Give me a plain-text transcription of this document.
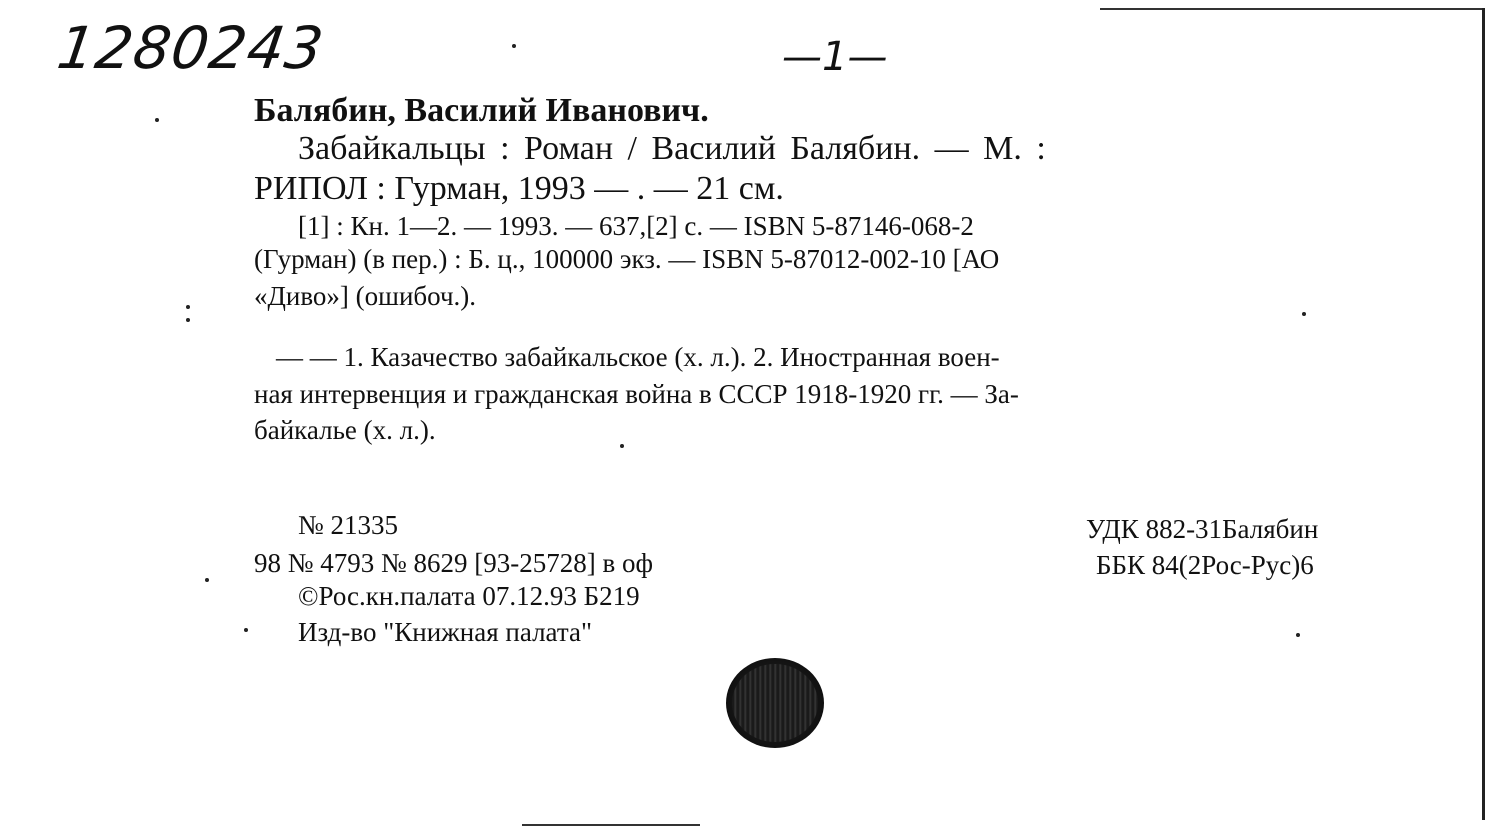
1280243	—1—
Балябин, Василий Иванович.
Забайкальцы : Роман / Василий Балябин. — М. :
РИПОЛ : Гурман, 1993 — . — 21 см.
[1] : Кн. 1—2. — 1993. — 637,[2] с. — ISBN 5-87146-068-2
(Гурман) (в пер.) : Б. ц., 100000 экз. — ISBN 5-87012-002-10 [АО
«Диво»] (ошибоч.).
— — 1. Казачество забайкальское (х. л.). 2. Иностранная воен-
ная интервенция и гражданская война в СССР 1918-1920 гг. — За-
байкалье (х. л.).
№ 21335
98 № 4793 № 8629 [93-25728] в оф
©Рос.кн.палата 07.12.93 Б219
Изд-во "Книжная палата"
УДК 882-31Балябин
ББК 84(2Рос-Рус)6
